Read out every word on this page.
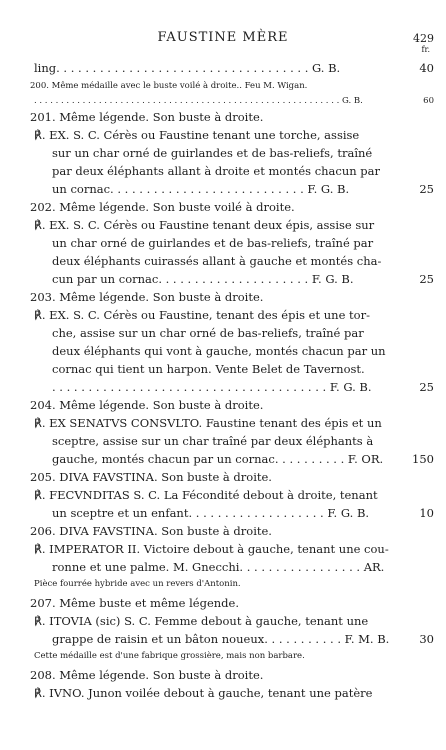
FAUSTINE MÈRE	429
fr.
ling. . . . . . . . . . . . . . . . . . . . . . . . . . . . . . . . . . . G. B.	40
200. Même médaille avec le buste voilé à droite.. Feu M. Wigan.
. . . . . . . . . . . . . . . . . . . . . . . . . . . . . . . . . . . . . . . . . . . . . . . . . . . . . . . . . G. B.	60
201. Même légende. Son buste à droite.
℟. EX. S. C. Cérès ou Faustine tenant une torche, assise
sur un char orné de guirlandes et de bas-reliefs, traîné
par deux éléphants allant à droite et montés chacun par
un cornac. . . . . . . . . . . . . . . . . . . . . . . . . . . F. G. B.	25
202. Même légende. Son buste voilé à droite.
℟. EX. S. C. Cérès ou Faustine tenant deux épis, assise sur
un char orné de guirlandes et de bas-reliefs, traîné par
deux éléphants cuirassés allant à gauche et montés cha-
cun par un cornac. . . . . . . . . . . . . . . . . . . . . F. G. B.	25
203. Même légende. Son buste à droite.
℟. EX. S. C. Cérès ou Faustine, tenant des épis et une tor-
che, assise sur un char orné de bas-reliefs, traîné par
deux éléphants qui vont à gauche, montés chacun par un
cornac qui tient un harpon. Vente Belet de Tavernost.
. . . . . . . . . . . . . . . . . . . . . . . . . . . . . . . . . . . . . . F. G. B.	25
204. Même légende. Son buste à droite.
℟. EX SENATVS CONSVLTO. Faustine tenant des épis et un
sceptre, assise sur un char traîné par deux éléphants à
gauche, montés chacun par un cornac. . . . . . . . . . F. OR.	150
205. DIVA FAVSTINA. Son buste à droite.
℟. FECVNDITAS S. C. La Fécondité debout à droite, tenant
un sceptre et un enfant. . . . . . . . . . . . . . . . . . . F. G. B.	10
206. DIVA FAVSTINA. Son buste à droite.
℟. IMPERATOR II. Victoire debout à gauche, tenant une cou-
ronne et une palme. M. Gnecchi. . . . . . . . . . . . . . . . . AR.
Pièce fourrée hybride avec un revers d'Antonin.
207. Même buste et même légende.
℟. ITOVIA (sic) S. C. Femme debout à gauche, tenant une
grappe de raisin et un bâton noueux. . . . . . . . . . . F. M. B.	30
Cette médaille est d'une fabrique grossière, mais non barbare.
208. Même légende. Son buste à droite.
℟. IVNO. Junon voilée debout à gauche, tenant une patère
